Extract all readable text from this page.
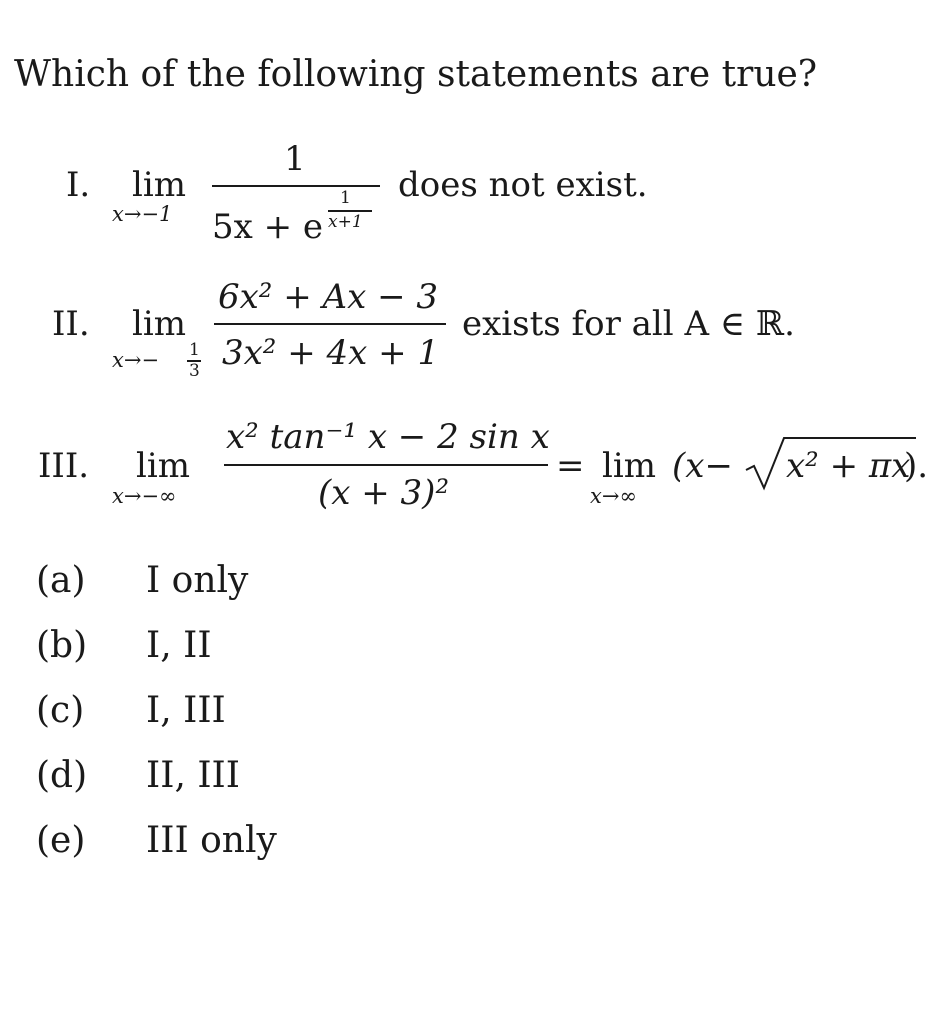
Which of the following statements are true?
I. lim
x→−1
1
5x + e
1
x+1
does not exist.
II. lim
x→− 1
3
6x² + Ax − 3
3x² + 4x + 1
exists for all A ∈ ℝ.
III. lim
x→−∞
x² tan⁻¹ x − 2 sin x
(x + 3)²
= lim
x→∞
(x− x² + πx
).
(a) I only
(b) I, II
(c) I, III
(d) II, III
(e) III only
